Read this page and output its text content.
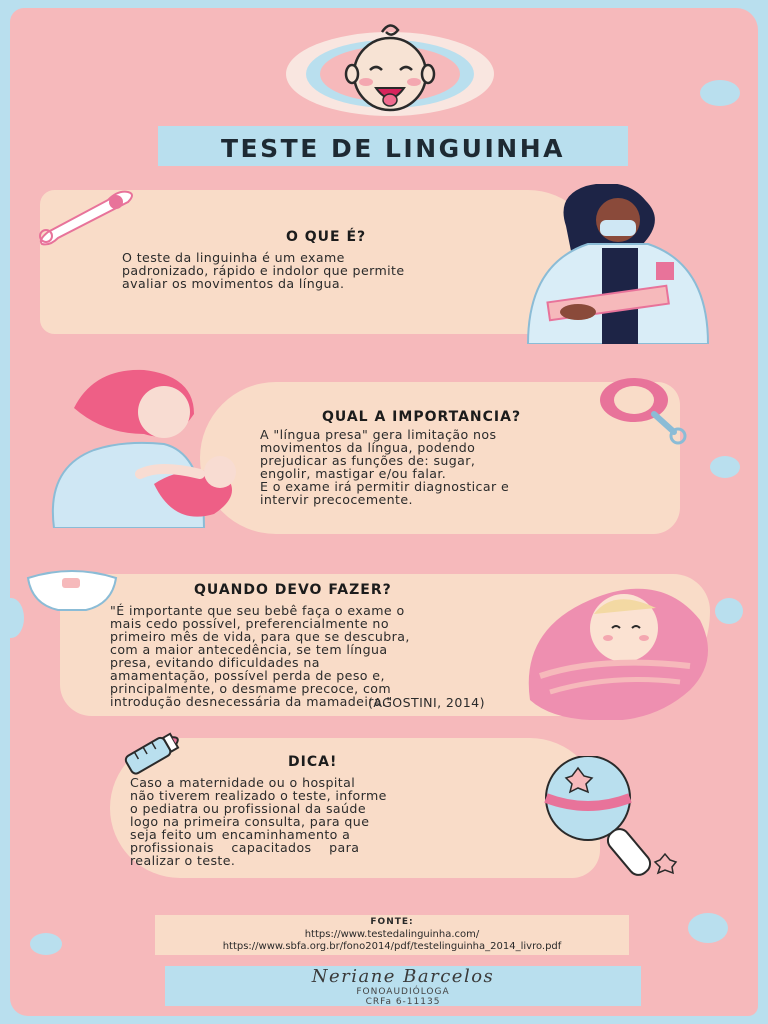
TESTE DE LINGUINHA
O QUE É?

O teste da linguinha é um exame
padronizado, rápido e indolor que permite
avaliar os movimentos da língua.

QUAL A IMPORTANCIA?

A "língua presa" gera limitação nos
movimentos da língua, podendo
prejudicar as funções de: sugar,
engolir, mastigar e/ou falar.
E o exame irá permitir diagnosticar e
intervir precocemente.

QUANDO DEVO FAZER?

"É importante que seu bebê faça o exame o
mais cedo possível, preferencialmente no
primeiro mês de vida, para que se descubra,
com a maior antecedência, se tem língua
presa, evitando dificuldades na
amamentação, possível perda de peso e,
principalmente, o desmame precoce, com
introdução desnecessária da mamadeira."

(AGOSTINI, 2014)
DICA!

Caso a maternidade ou o hospital
não tiverem realizado o teste, informe
o pediatra ou profissional da saúde
logo na primeira consulta, para que
seja feito um encaminhamento a
profissionais    capacitados    para
realizar o teste.

FONTE:
https://www.testedalinguinha.com/
https://www.sbfa.org.br/fono2014/pdf/testelinguinha_2014_livro.pdf
Neriane Barcelos
FONOAUDIÓLOGA
CRFa 6-11135
